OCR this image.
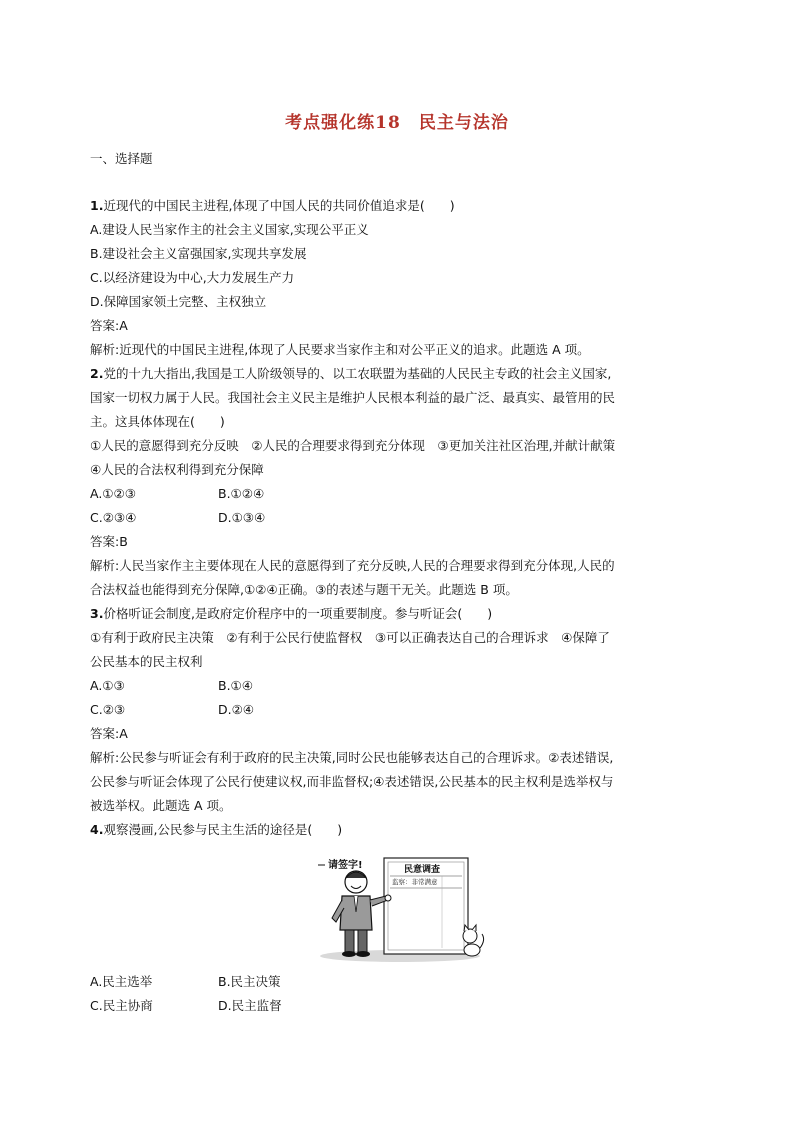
考点强化练18　民主与法治
一、选择题
1.近现代的中国民主进程,体现了中国人民的共同价值追求是(　　)
A.建设人民当家作主的社会主义国家,实现公平正义
B.建设社会主义富强国家,实现共享发展
C.以经济建设为中心,大力发展生产力
D.保障国家领土完整、主权独立
答案:A
解析:近现代的中国民主进程,体现了人民要求当家作主和对公平正义的追求。此题选 A 项。
2.党的十九大指出,我国是工人阶级领导的、以工农联盟为基础的人民民主专政的社会主义国家,
国家一切权力属于人民。我国社会主义民主是维护人民根本利益的最广泛、最真实、最管用的民
主。这具体体现在(　　)
①人民的意愿得到充分反映　②人民的合理要求得到充分体现　③更加关注社区治理,并献计献策
④人民的合法权利得到充分保障
A.①②③	B.①②④
C.②③④	D.①③④
答案:B
解析:人民当家作主主要体现在人民的意愿得到了充分反映,人民的合理要求得到充分体现,人民的
合法权益也能得到充分保障,①②④正确。③的表述与题干无关。此题选 B 项。
3.价格听证会制度,是政府定价程序中的一项重要制度。参与听证会(　　)
①有利于政府民主决策　②有利于公民行使监督权　③可以正确表达自己的合理诉求　④保障了
公民基本的民主权利
A.①③	B.①④
C.②③	D.②④
答案:A
解析:公民参与听证会有利于政府的民主决策,同时公民也能够表达自己的合理诉求。②表述错误,
公民参与听证会体现了公民行使建议权,而非监督权;④表述错误,公民基本的民主权利是选举权与
被选举权。此题选 A 项。
4.观察漫画,公民参与民主生活的途径是(　　)
请签字!	民意调查
监察：非常满意
A.民主选举	B.民主决策
C.民主协商	D.民主监督
